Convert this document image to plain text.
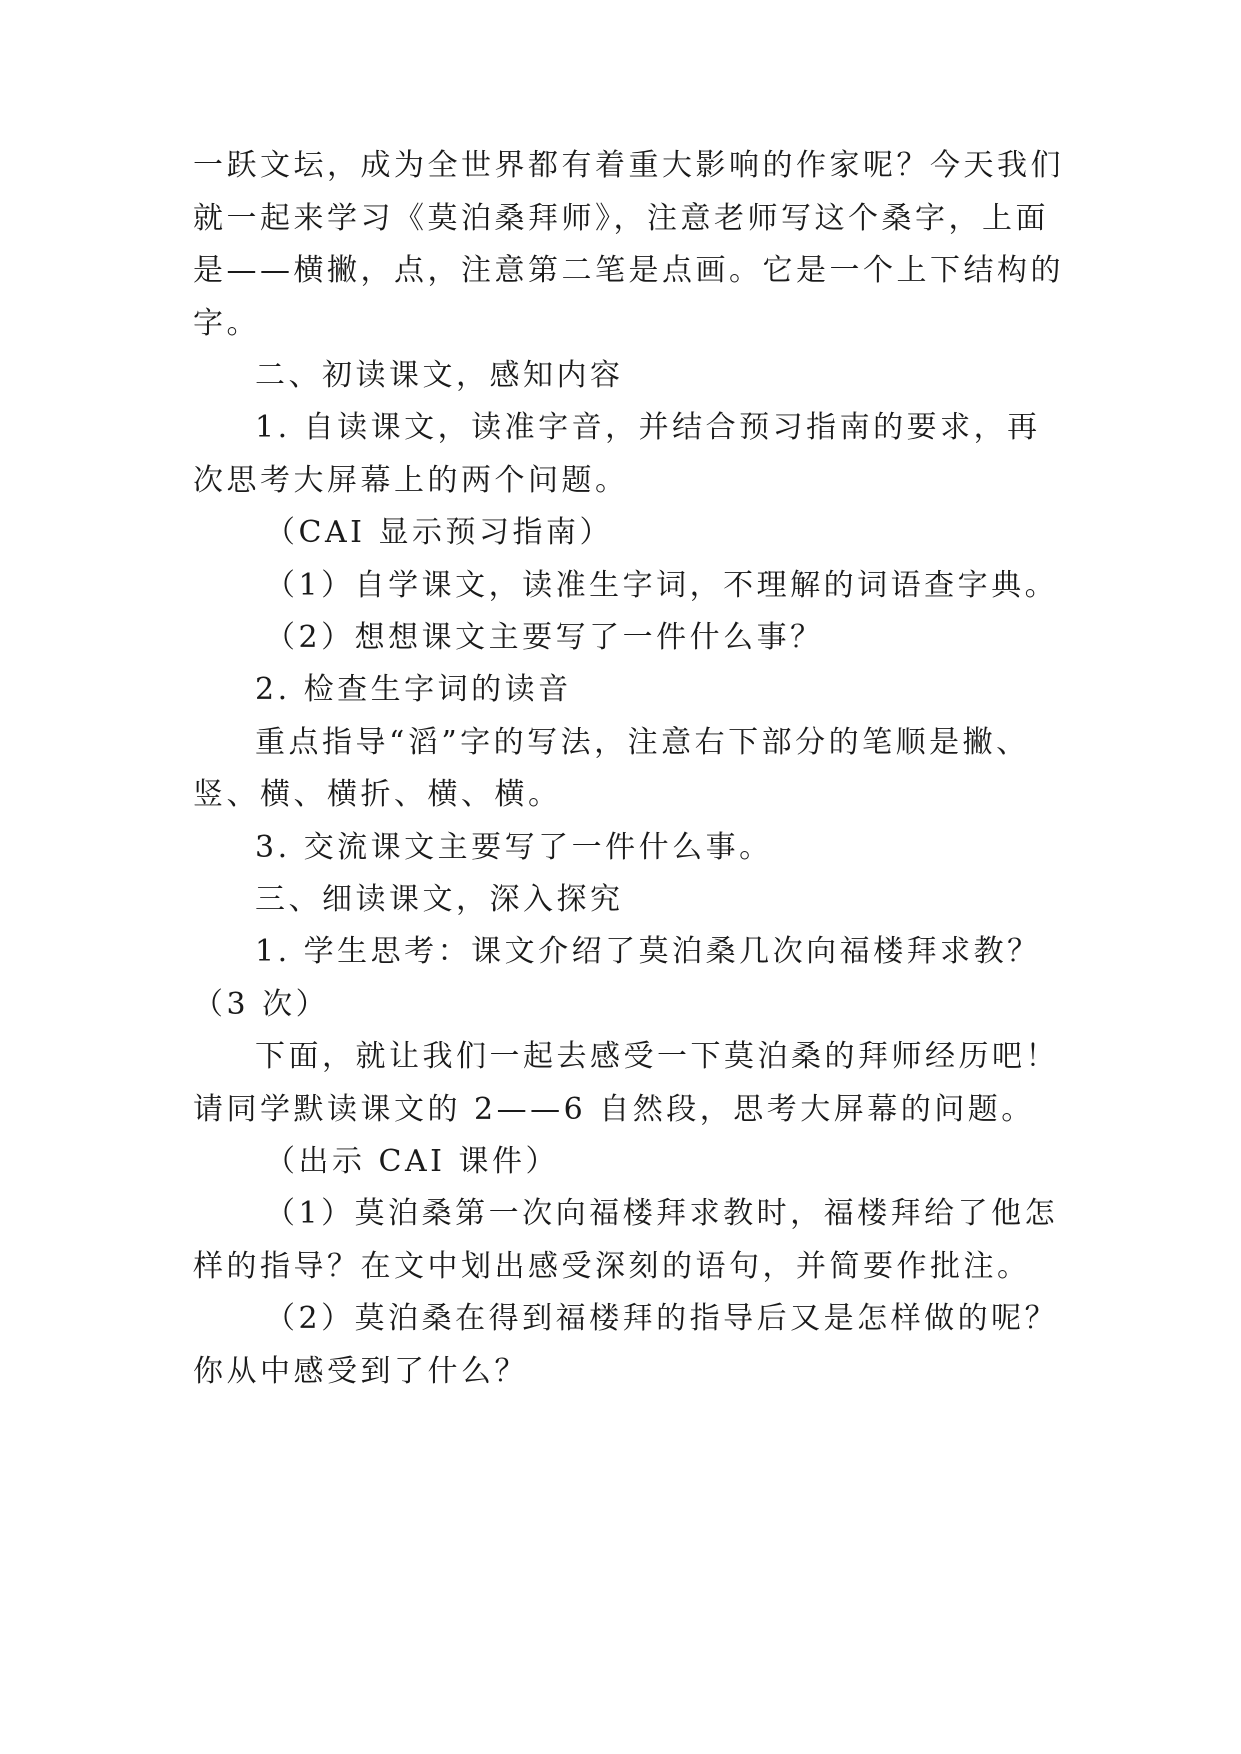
一跃文坛，成为全世界都有着重大影响的作家呢？今天我们
就一起来学习《莫泊桑拜师》，注意老师写这个桑字，上面
是——横撇，点，注意第二笔是点画。它是一个上下结构的
字。
二、初读课文，感知内容
1. 自读课文，读准字音，并结合预习指南的要求，再
次思考大屏幕上的两个问题。
（CAI 显示预习指南）
（1）自学课文，读准生字词，不理解的词语查字典。
（2）想想课文主要写了一件什么事？
2. 检查生字词的读音
重点指导“滔”字的写法，注意右下部分的笔顺是撇、
竖、横、横折、横、横。
3. 交流课文主要写了一件什么事。
三、细读课文，深入探究
1. 学生思考：课文介绍了莫泊桑几次向福楼拜求教？
（3 次）
下面，就让我们一起去感受一下莫泊桑的拜师经历吧！
请同学默读课文的 2——6 自然段，思考大屏幕的问题。
（出示 CAI 课件）
（1）莫泊桑第一次向福楼拜求教时，福楼拜给了他怎
样的指导？在文中划出感受深刻的语句，并简要作批注。
（2）莫泊桑在得到福楼拜的指导后又是怎样做的呢？
你从中感受到了什么？
